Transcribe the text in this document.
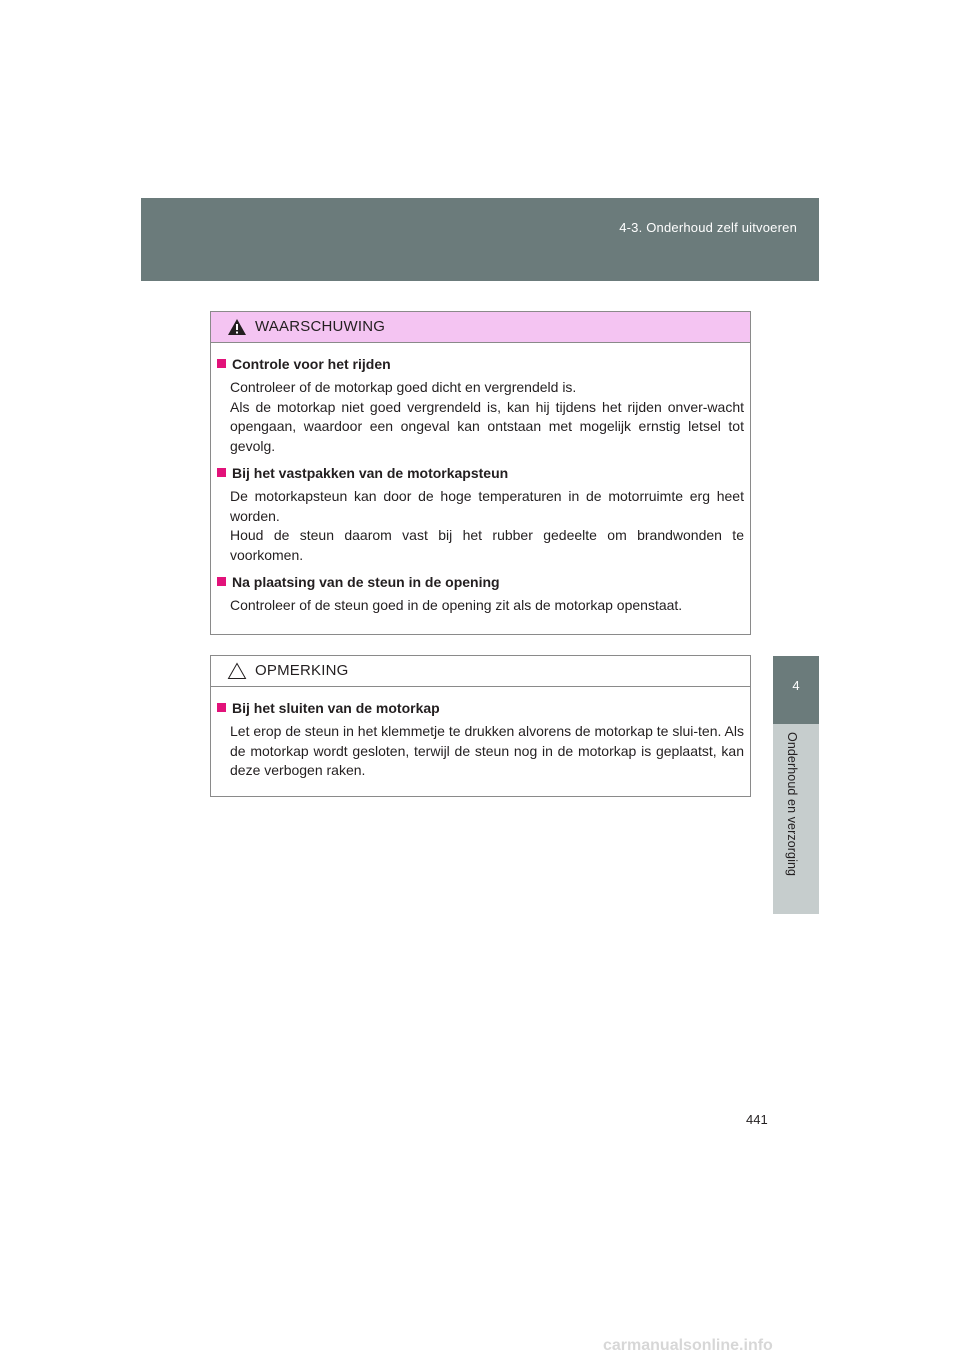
4-3. Onderhoud zelf uitvoeren
4
Onderhoud en verzorging
WAARSCHUWING
Controle voor het rijden
Controleer of de motorkap goed dicht en vergrendeld is.
Als de motorkap niet goed vergrendeld is, kan hij tijdens het rijden onver-wacht opengaan, waardoor een ongeval kan ontstaan met mogelijk ernstig letsel tot gevolg.
Bij het vastpakken van de motorkapsteun
De motorkapsteun kan door de hoge temperaturen in de motorruimte erg heet worden.
Houd de steun daarom vast bij het rubber gedeelte om brandwonden te voorkomen.
Na plaatsing van de steun in de opening
Controleer of de steun goed in de opening zit als de motorkap openstaat.
OPMERKING
Bij het sluiten van de motorkap
Let erop de steun in het klemmetje te drukken alvorens de motorkap te slui-ten. Als de motorkap wordt gesloten, terwijl de steun nog in de motorkap is geplaatst, kan deze verbogen raken.
441
carmanualsonline.info
